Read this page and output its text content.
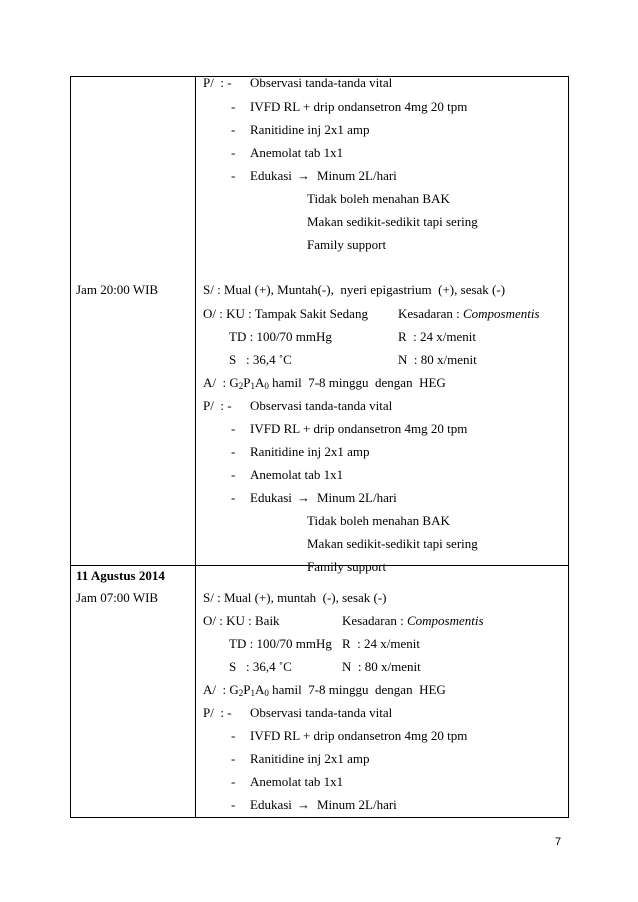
P/  : - Observasi tanda-tanda vital
- IVFD RL + drip ondansetron 4mg 20 tpm
- Ranitidine inj 2x1 amp
- Anemolat tab 1x1
- Edukasi → Minum 2L/hari
Tidak boleh menahan BAK
Makan sedikit-sedikit tapi sering
Family support
Jam 20:00 WIB	S/ : Mual (+), Muntah(-),  nyeri epigastrium  (+), sesak (-)
O/ : KU : Tampak Sakit Sedang Kesadaran : Composmentis
TD : 100/70 mmHg	R  : 24 x/menit
S   : 36,4 ˚C	N  : 80 x/menit
A/  : $G_2P_1A_0$ hamil  7-8 minggu  dengan  HEG
P/  : - Observasi tanda-tanda vital
- IVFD RL + drip ondansetron 4mg 20 tpm
- Ranitidine inj 2x1 amp
- Anemolat tab 1x1
- Edukasi → Minum 2L/hari
Tidak boleh menahan BAK
Makan sedikit-sedikit tapi sering
Family support
11 Agustus 2014
Jam 07:00 WIB	S/ : Mual (+), muntah  (-), sesak (-)
O/ : KU : Baik	Kesadaran : Composmentis
TD : 100/70 mmHg R  : 24 x/menit
S   : 36,4 ˚C	N  : 80 x/menit
A/  : $G_2P_1A_0$ hamil  7-8 minggu  dengan  HEG
P/  : - Observasi tanda-tanda vital
- IVFD RL + drip ondansetron 4mg 20 tpm
- Ranitidine inj 2x1 amp
- Anemolat tab 1x1
- Edukasi → Minum 2L/hari
7
